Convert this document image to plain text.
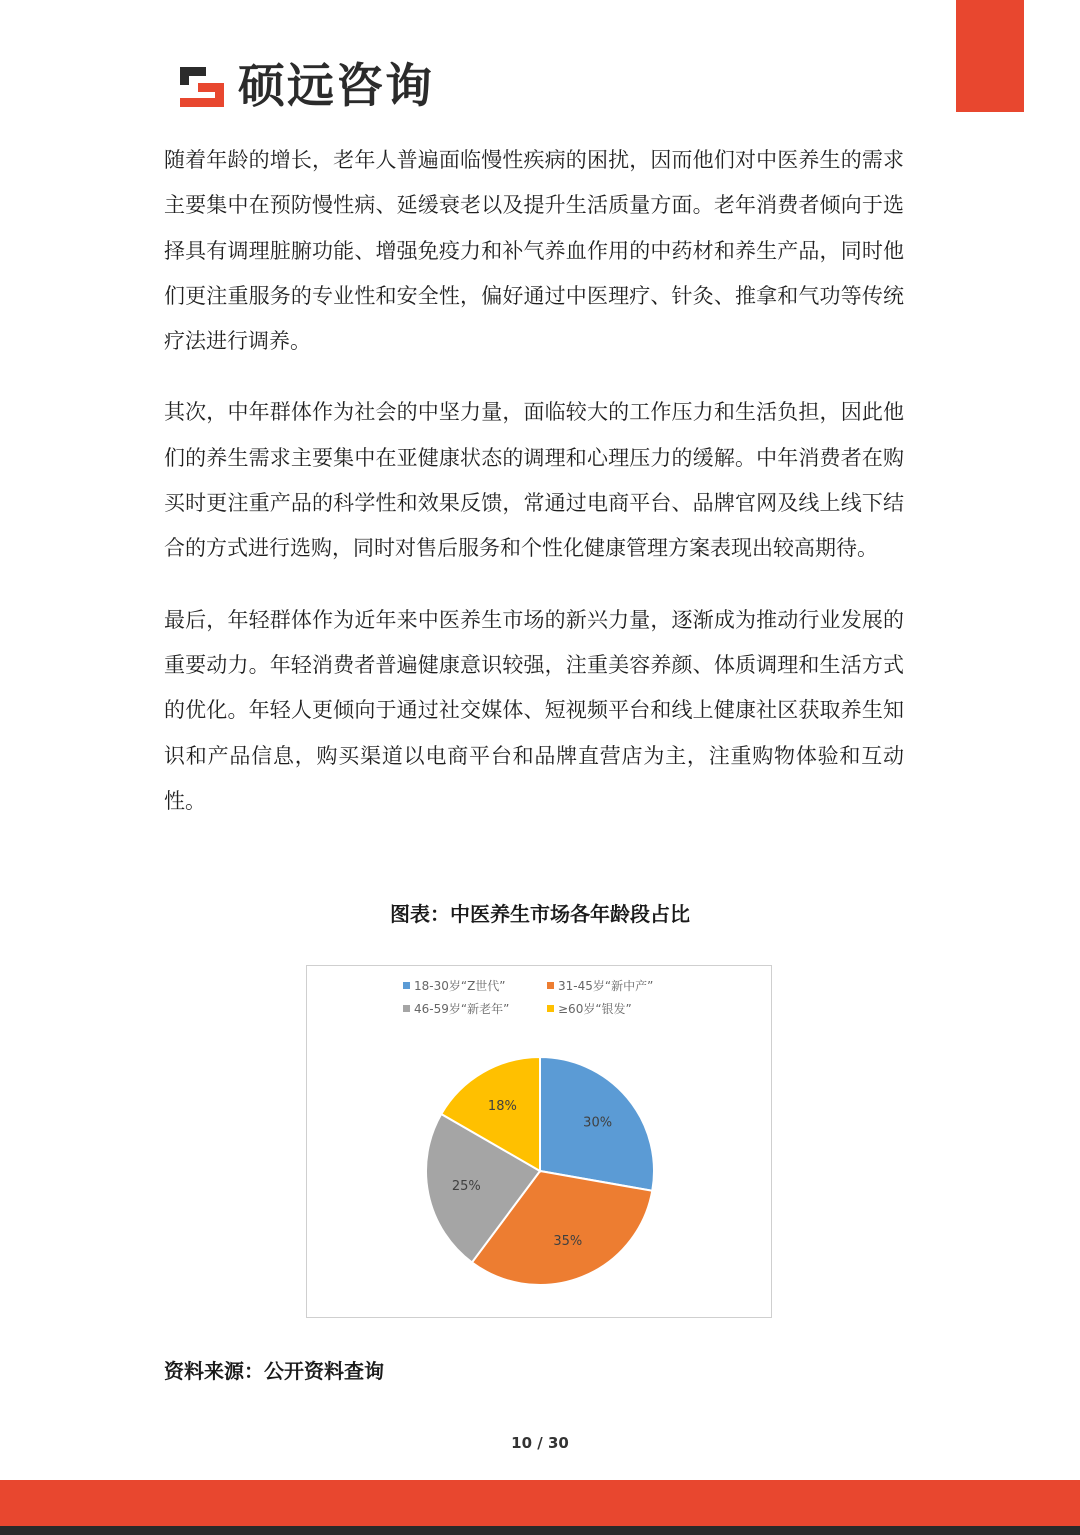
硕远咨询

随着年龄的增长，老年人普遍面临慢性疾病的困扰，因而他们对中医养生的需求主要集中在预防慢性病、延缓衰老以及提升生活质量方面。老年消费者倾向于选择具有调理脏腑功能、增强免疫力和补气养血作用的中药材和养生产品，同时他们更注重服务的专业性和安全性，偏好通过中医理疗、针灸、推拿和气功等传统疗法进行调养。

其次，中年群体作为社会的中坚力量，面临较大的工作压力和生活负担，因此他们的养生需求主要集中在亚健康状态的调理和心理压力的缓解。中年消费者在购买时更注重产品的科学性和效果反馈，常通过电商平台、品牌官网及线上线下结合的方式进行选购，同时对售后服务和个性化健康管理方案表现出较高期待。

最后，年轻群体作为近年来中医养生市场的新兴力量，逐渐成为推动行业发展的重要动力。年轻消费者普遍健康意识较强，注重美容养颜、体质调理和生活方式的优化。年轻人更倾向于通过社交媒体、短视频平台和线上健康社区获取养生知识和产品信息，购买渠道以电商平台和品牌直营店为主，注重购物体验和互动性。

图表：中医养生市场各年龄段占比
18-30岁“Z世代”	31-45岁“新中产”
46-59岁“新老年”	≥60岁“银发”
30%
35%
25%
18%
资料来源：公开资料查询
10 / 30
